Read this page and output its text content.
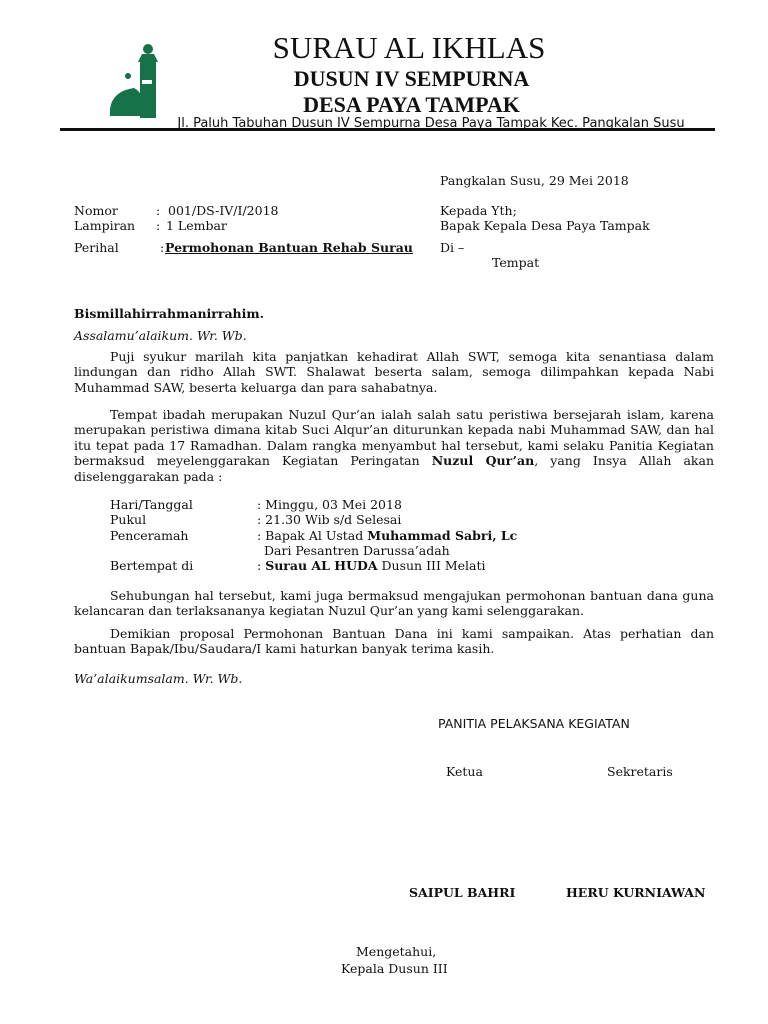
SURAU AL IKHLAS
DUSUN IV SEMPURNA
DESA PAYA TAMPAK
Jl. Paluh Tabuhan Dusun IV Sempurna Desa Paya Tampak Kec. Pangkalan Susu
Pangkalan Susu, 29 Mei 2018
Nomor	: 001/DS-IV/I/2018
Lampiran : 1 Lembar
Perihal	: Permohonan Bantuan Rehab Surau
Kepada Yth;
Bapak Kepala Desa Paya Tampak
Di –
Tempat
Bismillahirrahmanirrahim.
Assalamu’alaikum. Wr. Wb.
Puji syukur marilah kita panjatkan kehadirat Allah SWT, semoga kita senantiasa dalam lindungan dan ridho Allah SWT. Shalawat beserta salam, semoga dilimpahkan kepada Nabi Muhammad SAW, beserta keluarga dan para sahabatnya.
Tempat ibadah merupakan Nuzul Qur’an ialah salah satu peristiwa bersejarah islam, karena merupakan peristiwa dimana kitab Suci Alqur’an diturunkan kepada nabi Muhammad SAW, dan hal itu tepat pada 17 Ramadhan. Dalam rangka menyambut hal tersebut, kami selaku Panitia Kegiatan bermaksud meyelenggarakan Kegiatan Peringatan Nuzul Qur’an, yang Insya Allah akan diselenggarakan pada :
Hari/Tanggal	: Minggu, 03 Mei 2018
Pukul	: 21.30 Wib s/d Selesai
Penceramah	: Bapak Al Ustad Muhammad Sabri, Lc
Dari Pesantren Darussa’adah
Bertempat di	: Surau AL HUDA Dusun III Melati
Sehubungan hal tersebut, kami juga bermaksud mengajukan permohonan bantuan dana guna kelancaran dan terlaksananya kegiatan Nuzul Qur’an yang kami selenggarakan.
Demikian proposal Permohonan Bantuan Dana ini kami sampaikan. Atas perhatian dan bantuan Bapak/Ibu/Saudara/I kami haturkan banyak terima kasih.
Wa’alaikumsalam. Wr. Wb.
PANITIA PELAKSANA KEGIATAN
Ketua	Sekretaris
SAIPUL BAHRI	HERU KURNIAWAN
Mengetahui,
Kepala Dusun III
